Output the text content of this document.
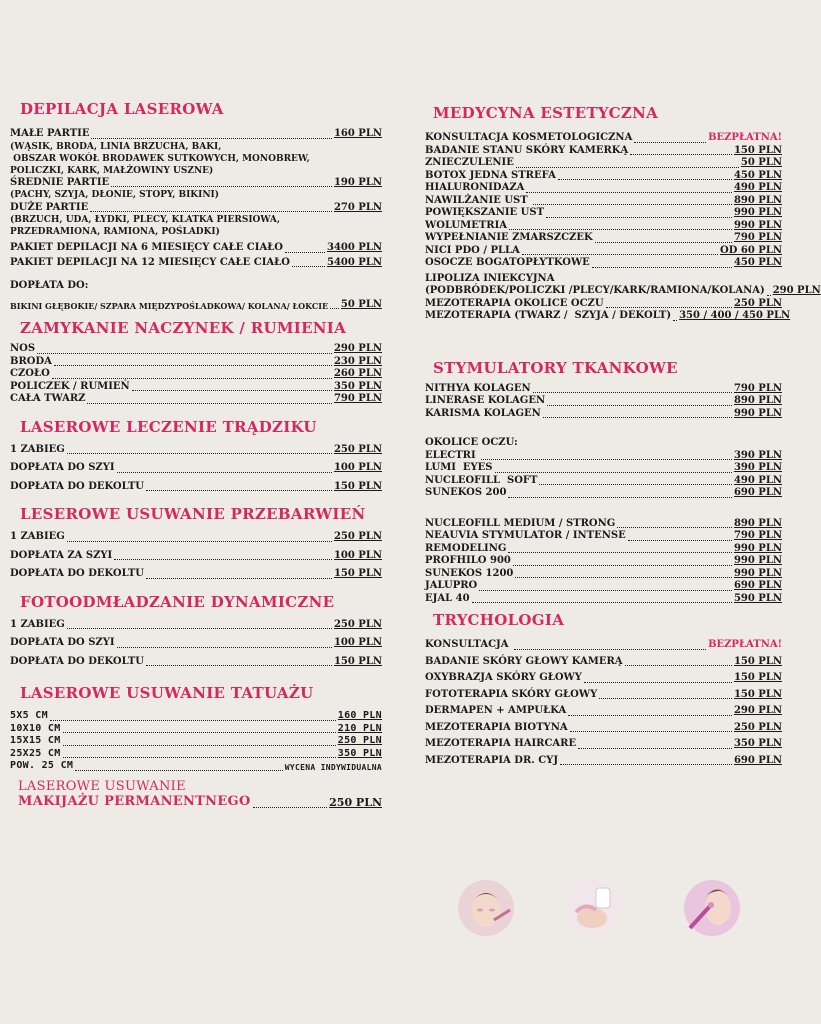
DEPILACJA LASEROWA
MAŁE PARTIE	160 PLN
(WĄSIK, BRODA, LINIA BRZUCHA, BAKI,
OBSZAR WOKÓŁ BRODAWEK SUTKOWYCH, MONOBREW,
POLICZKI, KARK, MAŁŻOWINY USZNE)
ŚREDNIE PARTIE	190 PLN
(PACHY, SZYJA, DŁONIE, STOPY, BIKINI)
DUŻE PARTIE	270 PLN
(BRZUCH, UDA, ŁYDKI, PLECY, KLATKA PIERSIOWA,
PRZEDRAMIONA, RAMIONA, POŚLADKI)
PAKIET DEPILACJI NA 6 MIESIĘCY CAŁE CIAŁO	3400 PLN
PAKIET DEPILACJI NA 12 MIESIĘCY CAŁE CIAŁO	5400 PLN
DOPŁATA DO:
BIKINI GŁĘBOKIE/ SZPARA MIĘDZYPOŚLADKOWA/ KOLANA/ ŁOKCIE 50 PLN
ZAMYKANIE NACZYNEK / RUMIENIA
NOS	290 PLN
BRODA	230 PLN
CZOŁO	260 PLN
POLICZEK / RUMIEŃ	350 PLN
CAŁA TWARZ	790 PLN
LASEROWE LECZENIE TRĄDZIKU
1 ZABIEG	250 PLN
DOPŁATA DO SZYI	100 PLN
DOPŁATA DO DEKOLTU	150 PLN
LESEROWE USUWANIE PRZEBARWIEŃ
1 ZABIEG	250 PLN
DOPŁATA ZA SZYI	100 PLN
DOPŁATA DO DEKOLTU	150 PLN
FOTOODMŁADZANIE DYNAMICZNE
1 ZABIEG	250 PLN
DOPŁATA DO SZYI	100 PLN
DOPŁATA DO DEKOLTU	150 PLN
LASEROWE USUWANIE TATUAŻU
5X5 CM	160 PLN
10X10 CM	210 PLN
15X15 CM	250 PLN
25X25 CM	350 PLN
POW. 25 CM	WYCENA INDYWIDUALNA
LASEROWE USUWANIE
MAKIJAŻU PERMANENTNEGO	250 PLN
MEDYCYNA ESTETYCZNA
KONSULTACJA KOSMETOLOGICZNA	BEZPŁATNA!
BADANIE STANU SKÓRY KAMERKĄ	150 PLN
ZNIECZULENIE	50 PLN
BOTOX JEDNA STREFA	450 PLN
HIALURONIDAZA	490 PLN
NAWILŻANIE UST	890 PLN
POWIĘKSZANIE UST	990 PLN
WOLUMETRIA	990 PLN
WYPEŁNIANIE ZMARSZCZEK	790 PLN
NICI PDO / PLLA	OD 60 PLN
OSOCZE BOGATOPŁYTKOWE	450 PLN
LIPOLIZA INIEKCYJNA
(PODBRÓDEK/POLICZKI /PLECY/KARK/RAMIONA/KOLANA) 290 PLN
MEZOTERAPIA OKOLICE OCZU	250 PLN
MEZOTERAPIA (TWARZ /  SZYJA / DEKOLT) 350 / 400 / 450 PLN
STYMULATORY TKANKOWE
NITHYA KOLAGEN	790 PLN
LINERASE KOLAGEN	890 PLN
KARISMA KOLAGEN	990 PLN
OKOLICE OCZU:
ELECTRI	390 PLN
LUMI  EYES	390 PLN
NUCLEOFILL  SOFT	490 PLN
SUNEKOS 200	690 PLN
NUCLEOFILL MEDIUM / STRONG	890 PLN
NEAUVIA STYMULATOR / INTENSE	790 PLN
REMODELING	990 PLN
PROFHILO 900	990 PLN
SUNEKOS 1200	990 PLN
JALUPRO	690 PLN
EJAL 40	590 PLN
TRYCHOLOGIA
KONSULTACJA	BEZPŁATNA!
BADANIE SKÓRY GŁOWY KAMERĄ	150 PLN
OXYBRAZJA SKÓRY GŁOWY	150 PLN
FOTOTERAPIA SKÓRY GŁOWY	150 PLN
DERMAPEN + AMPUŁKA	290 PLN
MEZOTERAPIA BIOTYNA	250 PLN
MEZOTERAPIA HAIRCARE	350 PLN
MEZOTERAPIA DR. CYJ	690 PLN
